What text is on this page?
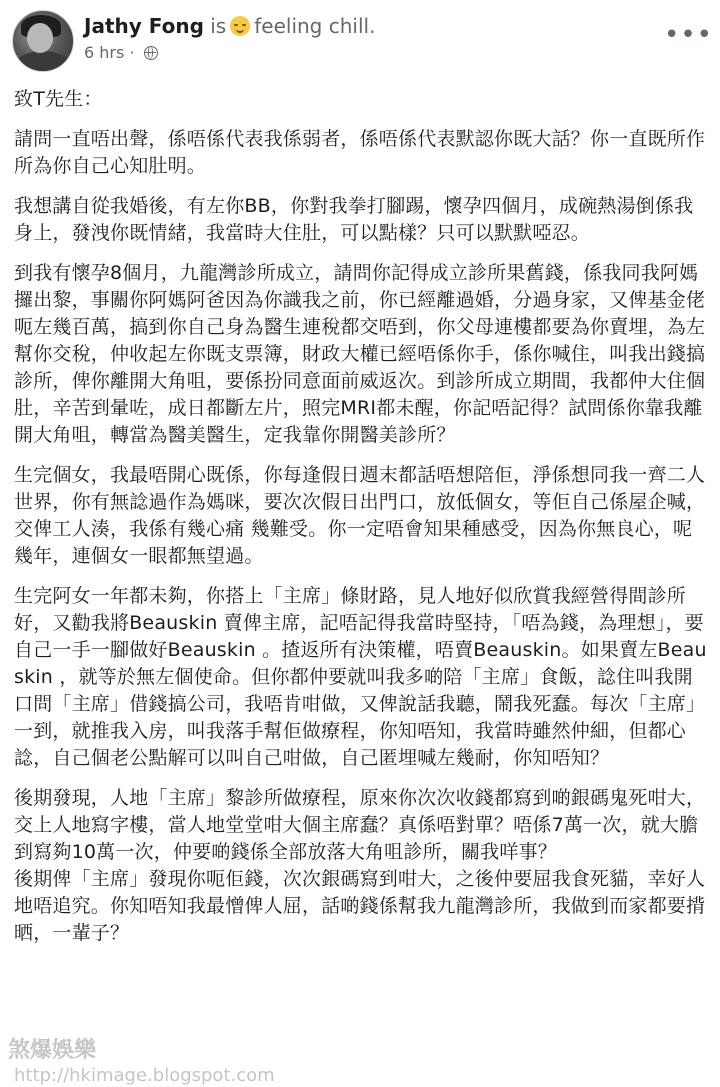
Jathy Fong is feeling chill.
6 hrs ·
•••

致T先生：

請問一直唔出聲，係唔係代表我係弱者，係唔係代表默認你既大話？你一直既所作所為你自己心知肚明。

我想講自從我婚後，有左你BB，你對我拳打腳踢，懷孕四個月，成碗熱湯倒係我身上，發洩你既情緒，我當時大住肚，可以點樣？只可以默默啞忍。

到我有懷孕8個月，九龍灣診所成立，請問你記得成立診所果舊錢，係我同我阿媽攞出黎，事關你阿媽阿爸因為你識我之前，你已經離過婚，分過身家，又俾基金佬呃左幾百萬，搞到你自己身為醫生連稅都交唔到，你父母連樓都要為你賣埋，為左幫你交稅，仲收起左你既支票簿，財政大權已經唔係你手，係你喊住，叫我出錢搞診所，俾你離開大角咀，要係扮同意面前威返次。到診所成立期間，我都仲大住個肚，辛苦到暈咗，成日都斷左片，照完MRI都未醒，你記唔記得？試問係你靠我離開大角咀，轉當為醫美醫生，定我靠你開醫美診所？

生完個女，我最唔開心既係，你每逢假日週末都話唔想陪佢，淨係想同我一齊二人世界，你有無諗過作為媽咪，要次次假日出門口，放低個女，等佢自己係屋企喊，交俾工人湊，我係有幾心痛 幾難受。你一定唔會知果種感受，因為你無良心，呢幾年，連個女一眼都無望過。

生完阿女一年都未夠，你搭上「主席」條財路，見人地好似欣賞我經營得間診所好，又勸我將Beauskin 賣俾主席，記唔記得我當時堅持，「唔為錢，為理想」，要自己一手一腳做好Beauskin 。揸返所有決策權，唔賣Beauskin。如果賣左Beauskin ，就等於無左個使命。但你都仲要就叫我多啲陪「主席」食飯，諗住叫我開口問「主席」借錢搞公司，我唔肯咁做，又俾說話我聽，鬧我死蠢。每次「主席」一到，就推我入房，叫我落手幫佢做療程，你知唔知，我當時雖然仲細，但都心諗，自己個老公點解可以叫自己咁做，自己匿埋喊左幾耐，你知唔知？

後期發現，人地「主席」黎診所做療程，原來你次次收錢都寫到啲銀碼鬼死咁大，交上人地寫字樓，當人地堂堂咁大個主席蠢？真係唔對單？唔係7萬一次，就大膽到寫夠10萬一次，仲要啲錢係全部放落大角咀診所，關我咩事？

後期俾「主席」發現你呃佢錢，次次銀碼寫到咁大，之後仲要屈我食死貓，幸好人地唔追究。你知唔知我最憎俾人屈，話啲錢係幫我九龍灣診所，我做到而家都要揹晒，一輩子？

煞爆娛樂
http://hkimage.blogspot.com
